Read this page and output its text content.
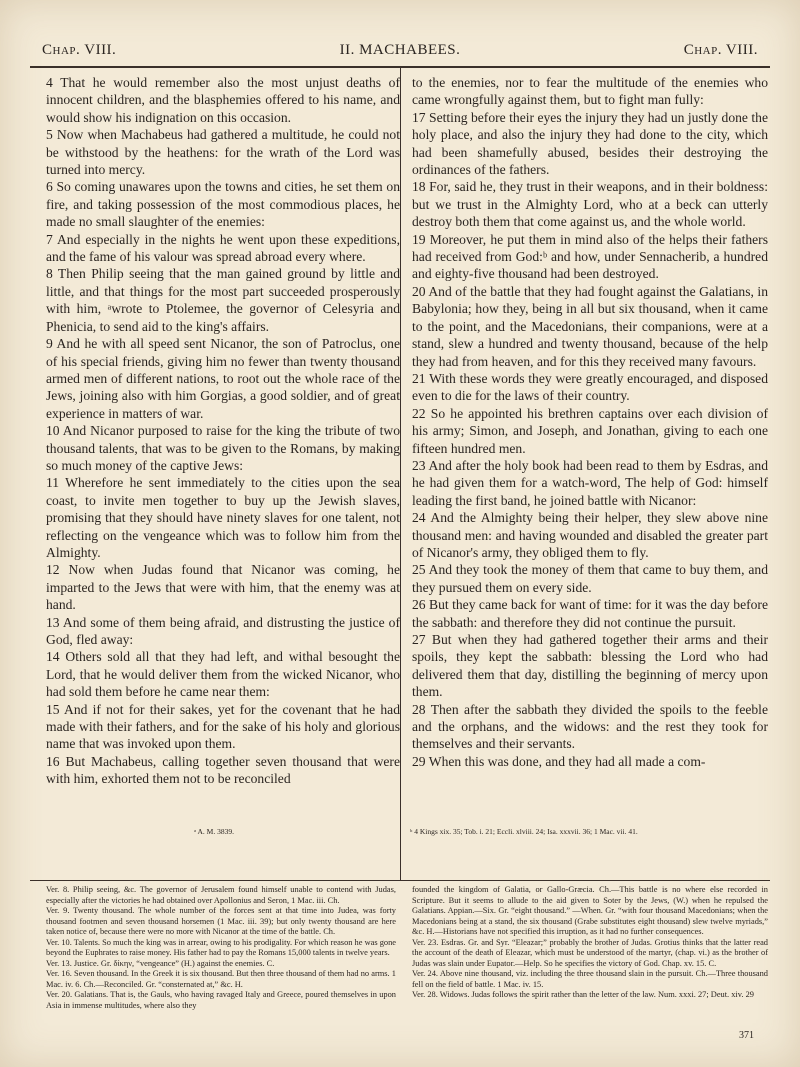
Chap. VIII.	II. MACHABEES.	Chap. VIII.

4 That he would remember also the most unjust deaths of innocent children, and the blasphemies offered to his name, and would show his indignation on this occasion.

5 Now when Machabeus had gathered a multitude, he could not be withstood by the heathens: for the wrath of the Lord was turned into mercy.

6 So coming unawares upon the towns and cities, he set them on fire, and taking possession of the most commodious places, he made no small slaughter of the enemies:

7 And especially in the nights he went upon these expeditions, and the fame of his valour was spread abroad every where.

8 Then Philip seeing that the man gained ground by little and little, and that things for the most part succeeded prosperously with him, ᵃwrote to Ptolemee, the governor of Celesyria and Phenicia, to send aid to the king's affairs.

9 And he with all speed sent Nicanor, the son of Patroclus, one of his special friends, giving him no fewer than twenty thousand armed men of different nations, to root out the whole race of the Jews, joining also with him Gorgias, a good soldier, and of great experience in matters of war.

10 And Nicanor purposed to raise for the king the tribute of two thousand talents, that was to be given to the Romans, by making so much money of the captive Jews:

11 Wherefore he sent immediately to the cities upon the sea coast, to invite men together to buy up the Jewish slaves, promising that they should have ninety slaves for one talent, not reflecting on the vengeance which was to follow him from the Almighty.

12 Now when Judas found that Nicanor was coming, he imparted to the Jews that were with him, that the enemy was at hand.

13 And some of them being afraid, and distrusting the justice of God, fled away:

14 Others sold all that they had left, and withal besought the Lord, that he would deliver them from the wicked Nicanor, who had sold them before he came near them:

15 And if not for their sakes, yet for the covenant that he had made with their fathers, and for the sake of his holy and glorious name that was invoked upon them.

16 But Machabeus, calling together seven thousand that were with him, exhorted them not to be reconciled

to the enemies, nor to fear the multitude of the enemies who came wrongfully against them, but to fight man fully:

17 Setting before their eyes the injury they had un justly done the holy place, and also the injury they had done to the city, which had been shamefully abused, besides their destroying the ordinances of the fathers.

18 For, said he, they trust in their weapons, and in their boldness: but we trust in the Almighty Lord, who at a beck can utterly destroy both them that come against us, and the whole world.

19 Moreover, he put them in mind also of the helps their fathers had received from God:ᵇ and how, under Sennacherib, a hundred and eighty-five thousand had been destroyed.

20 And of the battle that they had fought against the Galatians, in Babylonia; how they, being in all but six thousand, when it came to the point, and the Macedonians, their companions, were at a stand, slew a hundred and twenty thousand, because of the help they had from heaven, and for this they received many favours.

21 With these words they were greatly encouraged, and disposed even to die for the laws of their country.

22 So he appointed his brethren captains over each division of his army; Simon, and Joseph, and Jonathan, giving to each one fifteen hundred men.

23 And after the holy book had been read to them by Esdras, and he had given them for a watch-word, The help of God: himself leading the first band, he joined battle with Nicanor:

24 And the Almighty being their helper, they slew above nine thousand men: and having wounded and disabled the greater part of Nicanor's army, they obliged them to fly.

25 And they took the money of them that came to buy them, and they pursued them on every side.

26 But they came back for want of time: for it was the day before the sabbath: and therefore they did not continue the pursuit.

27 But when they had gathered together their arms and their spoils, they kept the sabbath: blessing the Lord who had delivered them that day, distilling the beginning of mercy upon them.

28 Then after the sabbath they divided the spoils to the feeble and the orphans, and the widows: and the rest they took for themselves and their servants.

29 When this was done, and they had all made a com-

ᵃ A. M. 3839.	ᵇ 4 Kings xix. 35; Tob. i. 21; Eccli. xlviii. 24; Isa. xxxvii. 36; 1 Mac. vii. 41.

Ver. 8. Philip seeing, &c. The governor of Jerusalem found himself unable to contend with Judas, especially after the victories he had obtained over Apollonius and Seron, 1 Mac. iii. Ch.

Ver. 9. Twenty thousand. The whole number of the forces sent at that time into Judea, was forty thousand footmen and seven thousand horsemen (1 Mac. iii. 39); but only twenty thousand are here taken notice of, because there were no more with Nicanor at the time of the battle. Ch.

Ver. 10. Talents. So much the king was in arrear, owing to his prodigality. For which reason he was gone beyond the Euphrates to raise money. His father had to pay the Romans 15,000 talents in twelve years.

Ver. 13. Justice. Gr. δίκην, “vengeance” (H.) against the enemies. C.

Ver. 16. Seven thousand. In the Greek it is six thousand. But then three thousand of them had no arms. 1 Mac. iv. 6. Ch.—Reconciled. Gr. “consternated at,” &c. H.

Ver. 20. Galatians. That is, the Gauls, who having ravaged Italy and Greece, poured themselves in upon Asia in immense multitudes, where also they

founded the kingdom of Galatia, or Gallo-Græcia. Ch.—This battle is no where else recorded in Scripture. But it seems to allude to the aid given to Soter by the Jews, (W.) when he repulsed the Galatians. Appian.—Six. Gr. “eight thousand.” —When. Gr. “with four thousand Macedonians; when the Macedonians being at a stand, the six thousand (Grabe substitutes eight thousand) slew twelve myriads,” &c. H.—Historians have not specified this irruption, as it had no further consequences.

Ver. 23. Esdras. Gr. and Syr. “Eleazar;” probably the brother of Judas. Grotius thinks that the latter read the account of the death of Eleazar, which must be understood of the martyr, (chap. vi.) as the brother of Judas was slain under Eupator.—Help. So he specifies the victory of God. Chap. xv. 15. C.

Ver. 24. Above nine thousand, viz. including the three thousand slain in the pursuit. Ch.—Three thousand fell on the field of battle. 1 Mac. iv. 15.

Ver. 28. Widows. Judas follows the spirit rather than the letter of the law. Num. xxxi. 27; Deut. xiv. 29

371
